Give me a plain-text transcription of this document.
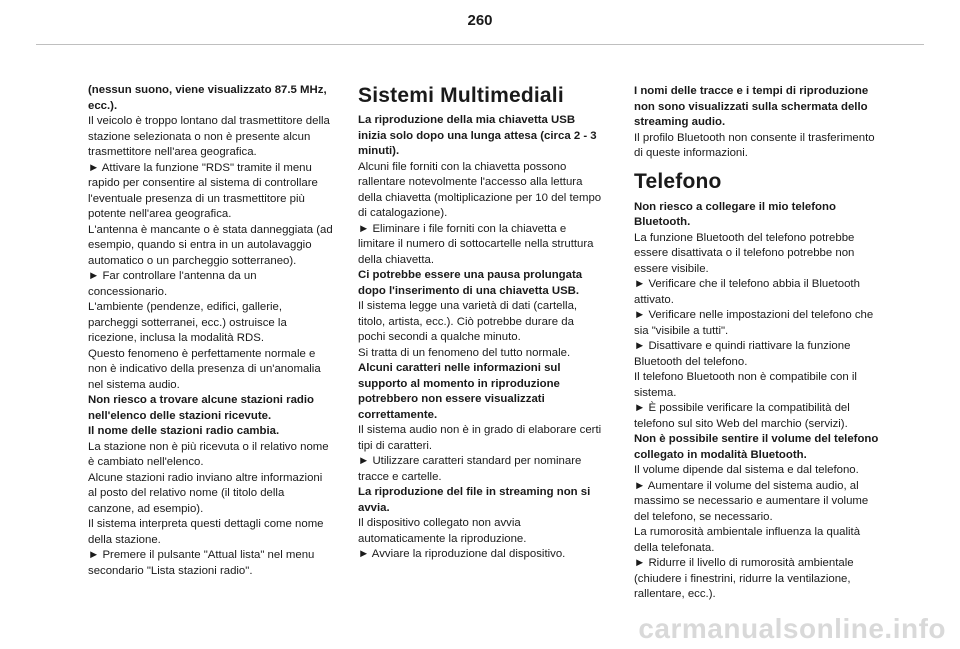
260

(nessun suono, viene visualizzato 87.5 MHz, ecc.).

Il veicolo è troppo lontano dal trasmettitore della stazione selezionata o non è presente alcun trasmettitore nell'area geografica.

► Attivare la funzione "RDS" tramite il menu rapido per consentire al sistema di controllare l'eventuale presenza di un trasmettitore più potente nell'area geografica.

L'antenna è mancante o è stata danneggiata (ad esempio, quando si entra in un autolavaggio automatico o un parcheggio sotterraneo).

► Far controllare l'antenna da un concessionario.

L'ambiente (pendenze, edifici, gallerie, parcheggi sotterranei, ecc.) ostruisce la ricezione, inclusa la modalità RDS.

Questo fenomeno è perfettamente normale e non è indicativo della presenza di un'anomalia nel sistema audio.

Non riesco a trovare alcune stazioni radio nell'elenco delle stazioni ricevute.

Il nome delle stazioni radio cambia.

La stazione non è più ricevuta o il relativo nome è cambiato nell'elenco.

Alcune stazioni radio inviano altre informazioni al posto del relativo nome (il titolo della canzone, ad esempio).

Il sistema interpreta questi dettagli come nome della stazione.

► Premere il pulsante "Attual lista" nel menu secondario "Lista stazioni radio".

Sistemi Multimediali

La riproduzione della mia chiavetta USB inizia solo dopo una lunga attesa (circa 2 - 3 minuti).

Alcuni file forniti con la chiavetta possono rallentare notevolmente l'accesso alla lettura della chiavetta (moltiplicazione per 10 del tempo di catalogazione).

► Eliminare i file forniti con la chiavetta e limitare il numero di sottocartelle nella struttura della chiavetta.

Ci potrebbe essere una pausa prolungata dopo l'inserimento di una chiavetta USB.

Il sistema legge una varietà di dati (cartella, titolo, artista, ecc.). Ciò potrebbe durare da pochi secondi a qualche minuto.

Si tratta di un fenomeno del tutto normale.

Alcuni caratteri nelle informazioni sul supporto al momento in riproduzione potrebbero non essere visualizzati correttamente.

Il sistema audio non è in grado di elaborare certi tipi di caratteri.

► Utilizzare caratteri standard per nominare tracce e cartelle.

La riproduzione del file in streaming non si avvia.

Il dispositivo collegato non avvia automaticamente la riproduzione.

► Avviare la riproduzione dal dispositivo.

I nomi delle tracce e i tempi di riproduzione non sono visualizzati sulla schermata dello streaming audio.

Il profilo Bluetooth non consente il trasferimento di queste informazioni.

Telefono

Non riesco a collegare il mio telefono Bluetooth.

La funzione Bluetooth del telefono potrebbe essere disattivata o il telefono potrebbe non essere visibile.

► Verificare che il telefono abbia il Bluetooth attivato.

► Verificare nelle impostazioni del telefono che sia "visibile a tutti".

► Disattivare e quindi riattivare la funzione Bluetooth del telefono.

Il telefono Bluetooth non è compatibile con il sistema.

► È possibile verificare la compatibilità del telefono sul sito Web del marchio (servizi).

Non è possibile sentire il volume del telefono collegato in modalità Bluetooth.

Il volume dipende dal sistema e dal telefono.

► Aumentare il volume del sistema audio, al massimo se necessario e aumentare il volume del telefono, se necessario.

La rumorosità ambientale influenza la qualità della telefonata.

► Ridurre il livello di rumorosità ambientale (chiudere i finestrini, ridurre la ventilazione, rallentare, ecc.).

carmanualsonline.info
